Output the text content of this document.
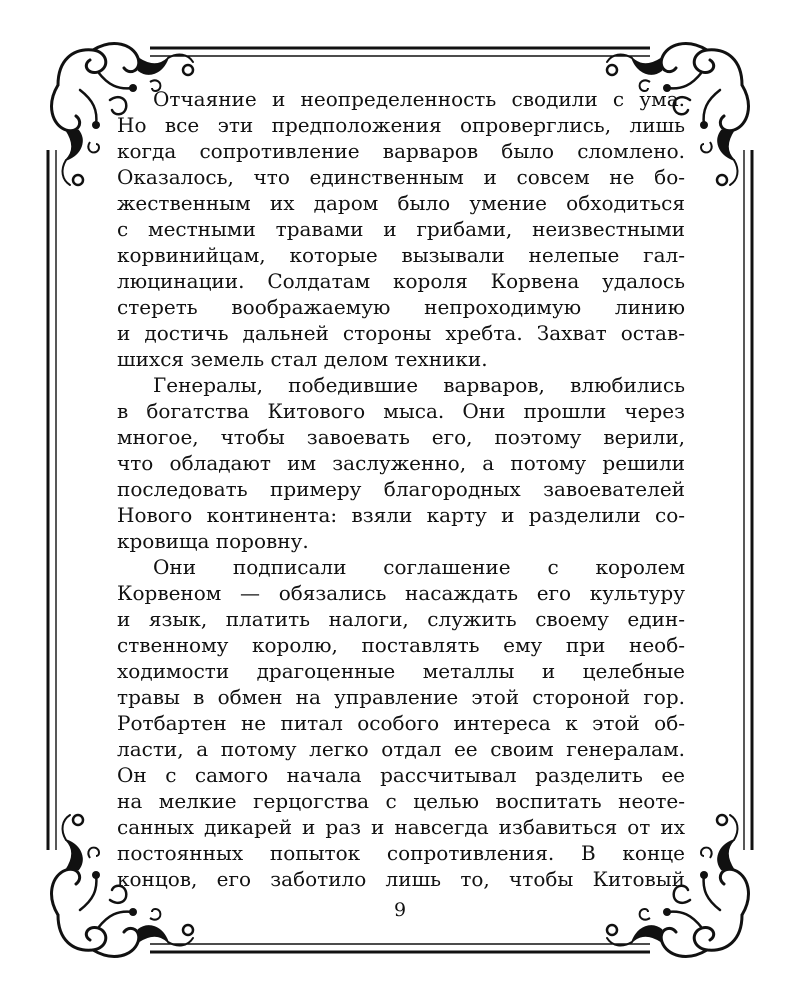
Отчаяние и неопределенность сводили с ума.
Но все эти предположения опроверглись, лишь
когда сопротивление варваров было сломлено.
Оказалось, что единственным и совсем не бо-
жественным их даром было умение обходиться
с местными травами и грибами, неизвестными
корвинийцам, которые вызывали нелепые гал-
люцинации. Солдатам короля Корвена удалось
стереть воображаемую непроходимую линию
и достичь дальней стороны хребта. Захват остав-
шихся земель стал делом техники.
Генералы, победившие варваров, влюбились
в богатства Китового мыса. Они прошли через
многое, чтобы завоевать его, поэтому верили,
что обладают им заслуженно, а потому решили
последовать примеру благородных завоевателей
Нового континента: взяли карту и разделили со-
кровища поровну.
Они подписали соглашение с королем
Корвеном — обязались насаждать его культуру
и язык, платить налоги, служить своему един-
ственному королю, поставлять ему при необ-
ходимости драгоценные металлы и целебные
травы в обмен на управление этой стороной гор.
Ротбартен не питал особого интереса к этой об-
ласти, а потому легко отдал ее своим генералам.
Он с самого начала рассчитывал разделить ее
на мелкие герцогства с целью воспитать неоте-
санных дикарей и раз и навсегда избавиться от их
постоянных попыток сопротивления. В конце
концов, его заботило лишь то, чтобы Китовый
9
